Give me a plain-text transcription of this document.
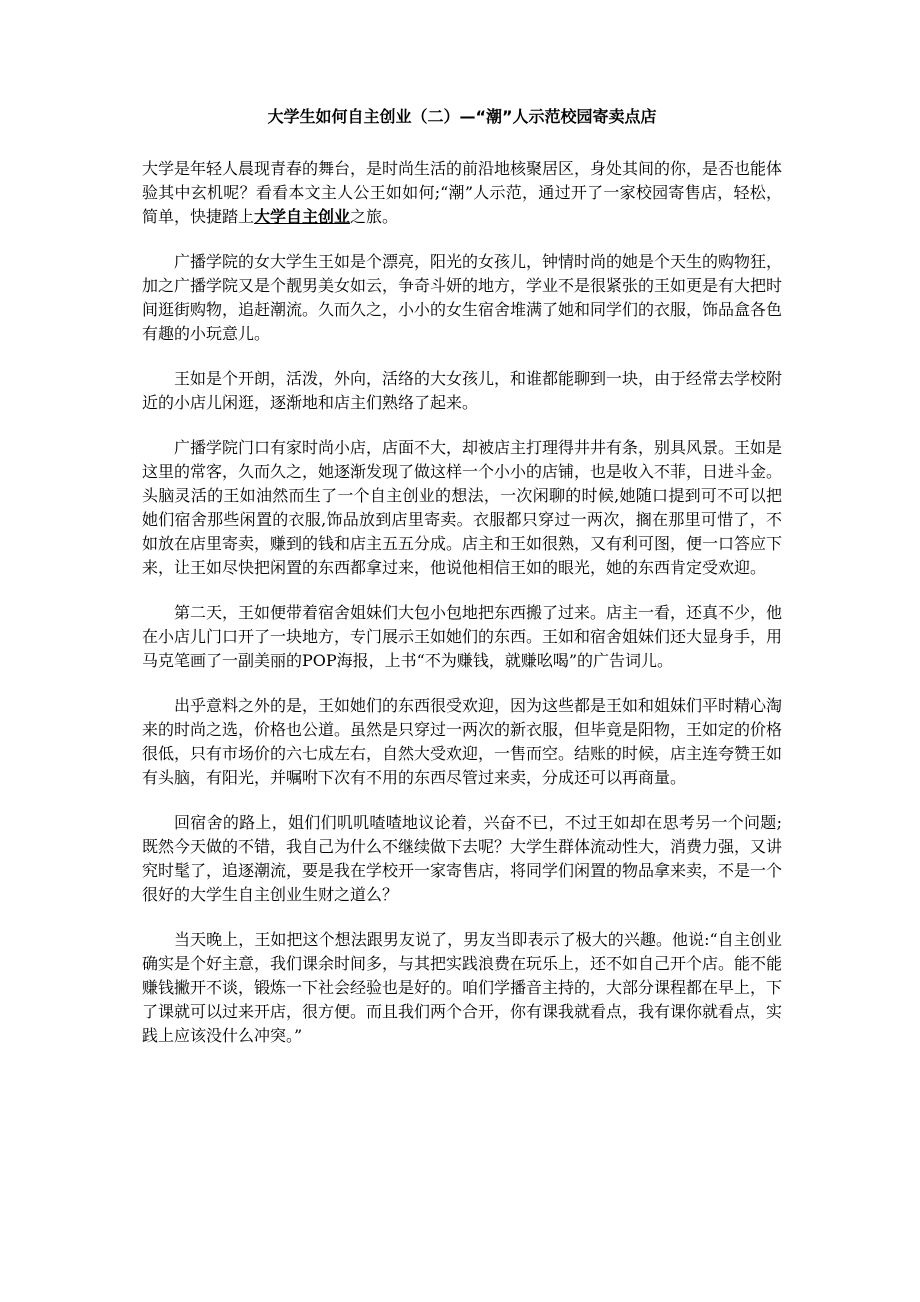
大学生如何自主创业（二）—“潮”人示范校园寄卖点店

大学是年轻人晨现青春的舞台，是时尚生活的前沿地核聚居区，身处其间的你，是否也能体验其中玄机呢？看看本文主人公王如如何;“潮”人示范，通过开了一家校园寄售店，轻松，简单，快捷踏上大学自主创业之旅。

广播学院的女大学生王如是个漂亮，阳光的女孩儿，钟情时尚的她是个天生的购物狂，加之广播学院又是个靓男美女如云，争奇斗妍的地方，学业不是很紧张的王如更是有大把时间逛街购物，追赶潮流。久而久之，小小的女生宿舍堆满了她和同学们的衣服，饰品盒各色有趣的小玩意儿。

王如是个开朗，活泼，外向，活络的大女孩儿，和谁都能聊到一块，由于经常去学校附近的小店儿闲逛，逐渐地和店主们熟络了起来。

广播学院门口有家时尚小店，店面不大，却被店主打理得井井有条，别具风景。王如是这里的常客，久而久之，她逐渐发现了做这样一个小小的店铺，也是收入不菲，日进斗金。头脑灵活的王如油然而生了一个自主创业的想法，一次闲聊的时候,她随口提到可不可以把她们宿舍那些闲置的衣服,饰品放到店里寄卖。衣服都只穿过一两次，搁在那里可惜了，不如放在店里寄卖，赚到的钱和店主五五分成。店主和王如很熟，又有利可图，便一口答应下来，让王如尽快把闲置的东西都拿过来，他说他相信王如的眼光，她的东西肯定受欢迎。

第二天，王如便带着宿舍姐妹们大包小包地把东西搬了过来。店主一看，还真不少，他在小店儿门口开了一块地方，专门展示王如她们的东西。王如和宿舍姐妹们还大显身手，用马克笔画了一副美丽的POP海报，上书“不为赚钱，就赚吆喝”的广告词儿。

出乎意料之外的是，王如她们的东西很受欢迎，因为这些都是王如和姐妹们平时精心淘来的时尚之选，价格也公道。虽然是只穿过一两次的新衣服，但毕竟是阳物，王如定的价格很低，只有市场价的六七成左右，自然大受欢迎，一售而空。结账的时候，店主连夸赞王如有头脑，有阳光，并嘱咐下次有不用的东西尽管过来卖，分成还可以再商量。

回宿舍的路上，姐们们叽叽喳喳地议论着，兴奋不已，不过王如却在思考另一个问题;既然今天做的不错，我自己为什么不继续做下去呢？大学生群体流动性大，消费力强，又讲究时髦了，追逐潮流，要是我在学校开一家寄售店，将同学们闲置的物品拿来卖，不是一个很好的大学生自主创业生财之道么？

当天晚上，王如把这个想法跟男友说了，男友当即表示了极大的兴趣。他说:“自主创业确实是个好主意，我们课余时间多，与其把实践浪费在玩乐上，还不如自己开个店。能不能赚钱撇开不谈，锻炼一下社会经验也是好的。咱们学播音主持的，大部分课程都在早上，下了课就可以过来开店，很方便。而且我们两个合开，你有课我就看点，我有课你就看点，实践上应该没什么冲突。”
